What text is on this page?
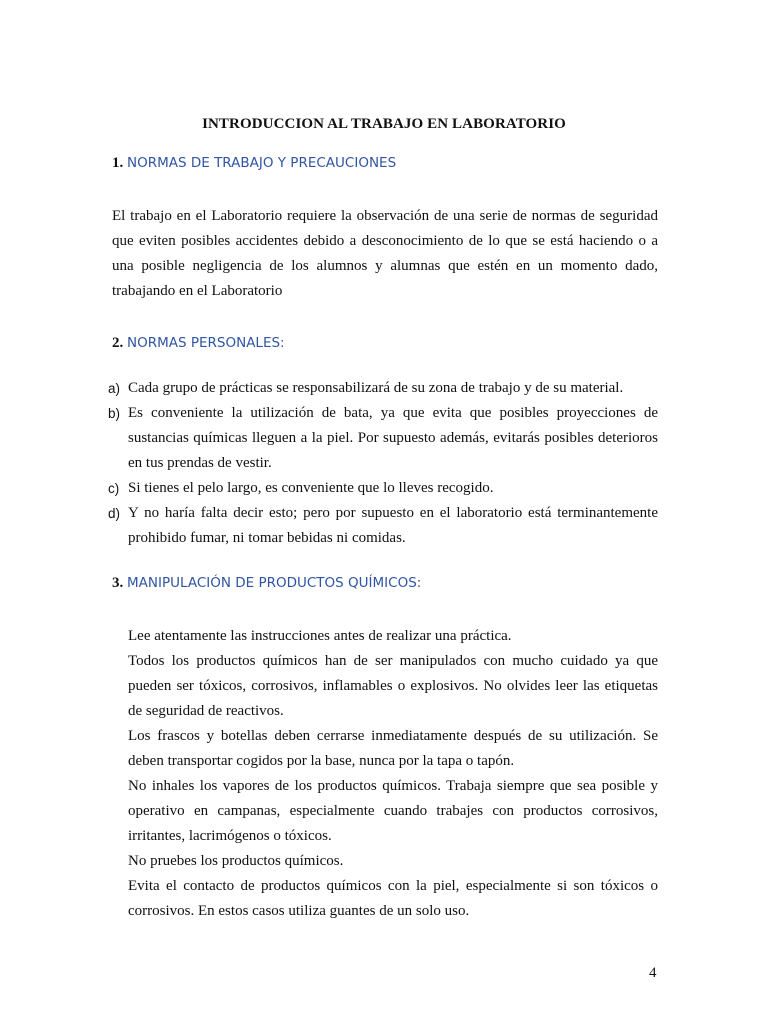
INTRODUCCION AL TRABAJO EN LABORATORIO
1. NORMAS DE TRABAJO Y PRECAUCIONES

El trabajo en el Laboratorio requiere la observación de una serie de normas de seguridad que eviten posibles accidentes debido a desconocimiento de lo que se está haciendo o a una posible negligencia de los alumnos y alumnas que estén en un momento dado, trabajando en el Laboratorio

2. NORMAS PERSONALES:
a) Cada grupo de prácticas se responsabilizará de su zona de trabajo y de su material.
b) Es conveniente la utilización de bata, ya que evita que posibles proyecciones de sustancias químicas lleguen a la piel. Por supuesto además, evitarás posibles deterioros en tus prendas de vestir.
c) Si tienes el pelo largo, es conveniente que lo lleves recogido.
d) Y no haría falta decir esto; pero por supuesto en el laboratorio está terminantemente prohibido fumar, ni tomar bebidas ni comidas.
3. MANIPULACIÓN DE PRODUCTOS QUÍMICOS:
Lee atentamente las instrucciones antes de realizar una práctica.
Todos los productos químicos han de ser manipulados con mucho cuidado ya que pueden ser tóxicos, corrosivos, inflamables o explosivos. No olvides leer las etiquetas de seguridad de reactivos.
Los frascos y botellas deben cerrarse inmediatamente después de su utilización. Se deben transportar cogidos por la base, nunca por la tapa o tapón.
No inhales los vapores de los productos químicos. Trabaja siempre que sea posible y operativo en campanas, especialmente cuando trabajes con productos corrosivos, irritantes, lacrimógenos o tóxicos.
No pruebes los productos químicos.
Evita el contacto de productos químicos con la piel, especialmente si son tóxicos o corrosivos. En estos casos utiliza guantes de un solo uso.
4
